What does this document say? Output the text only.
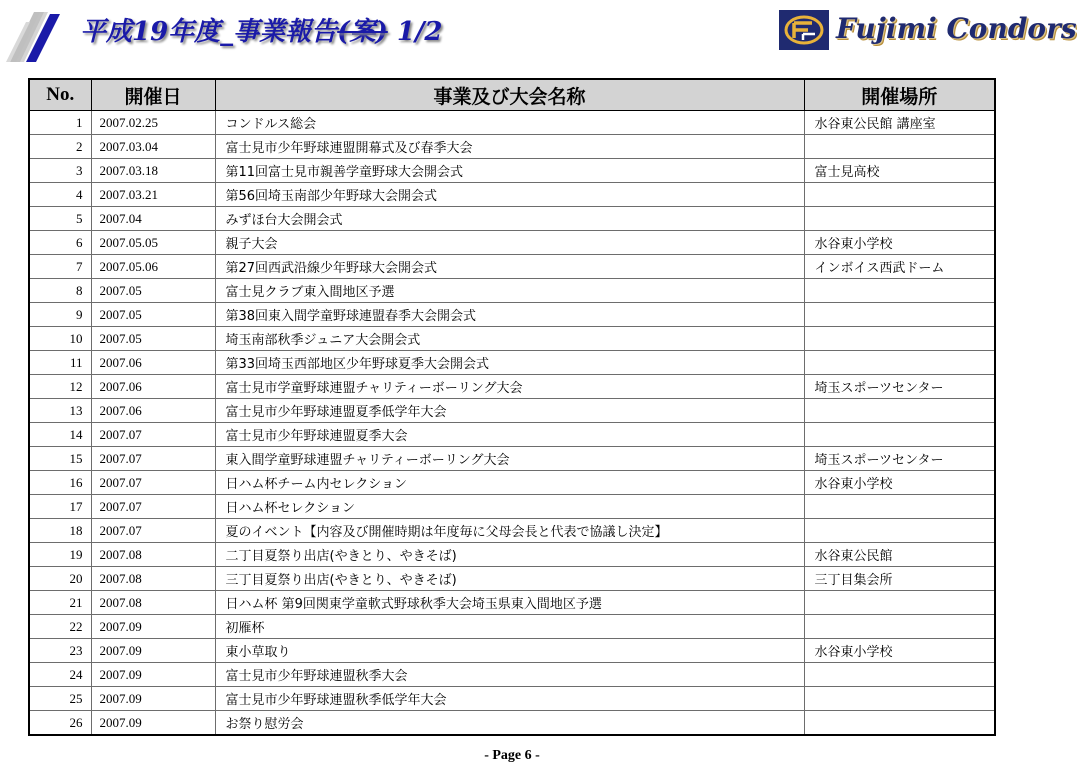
平成19年度_事業報告(案) 1/2	Fujimi Condors
No.	開催日	事業及び大会名称	開催場所
1	2007.02.25	コンドルス総会	水谷東公民館 講座室
2	2007.03.04	富士見市少年野球連盟開幕式及び春季大会	
3	2007.03.18	第11回富士見市親善学童野球大会開会式	富士見高校
4	2007.03.21	第56回埼玉南部少年野球大会開会式	
5	2007.04	みずほ台大会開会式	
6	2007.05.05	親子大会	水谷東小学校
7	2007.05.06	第27回西武沿線少年野球大会開会式	インボイス西武ドーム
8	2007.05	富士見クラブ東入間地区予選	
9	2007.05	第38回東入間学童野球連盟春季大会開会式	
10	2007.05	埼玉南部秋季ジュニア大会開会式	
11	2007.06	第33回埼玉西部地区少年野球夏季大会開会式	
12	2007.06	富士見市学童野球連盟チャリティーボーリング大会	埼玉スポーツセンター
13	2007.06	富士見市少年野球連盟夏季低学年大会	
14	2007.07	富士見市少年野球連盟夏季大会	
15	2007.07	東入間学童野球連盟チャリティーボーリング大会	埼玉スポーツセンター
16	2007.07	日ハム杯チーム内セレクション	水谷東小学校
17	2007.07	日ハム杯セレクション	
18	2007.07	夏のイベント【内容及び開催時期は年度毎に父母会長と代表で協議し決定】	
19	2007.08	二丁目夏祭り出店(やきとり、やきそば)	水谷東公民館
20	2007.08	三丁目夏祭り出店(やきとり、やきそば)	三丁目集会所
21	2007.08	日ハム杯 第9回関東学童軟式野球秋季大会埼玉県東入間地区予選	
22	2007.09	初雁杯	
23	2007.09	東小草取り	水谷東小学校
24	2007.09	富士見市少年野球連盟秋季大会	
25	2007.09	富士見市少年野球連盟秋季低学年大会	
26	2007.09	お祭り慰労会	
- Page 6 -
